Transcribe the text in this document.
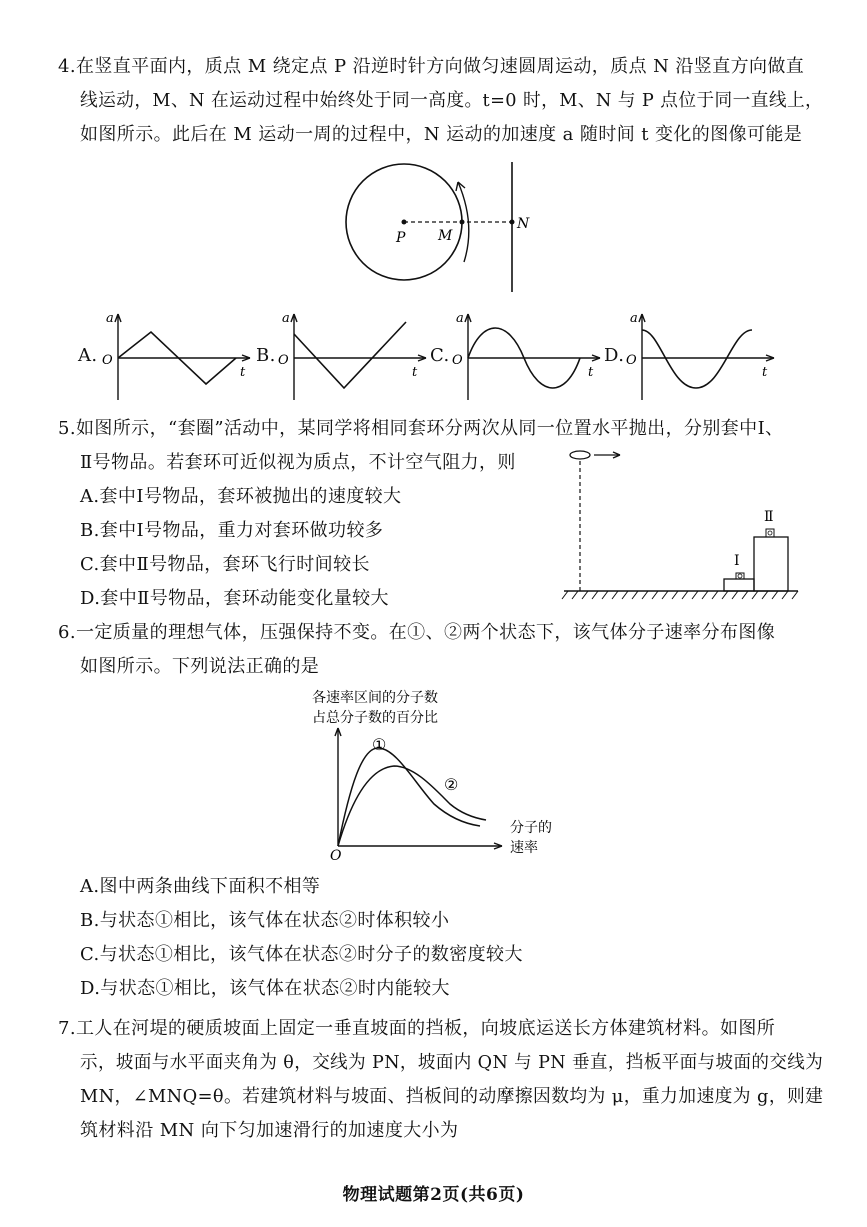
4.在竖直平面内，质点 M 绕定点 P 沿逆时针方向做匀速圆周运动，质点 N 沿竖直方向做直
线运动，M、N 在运动过程中始终处于同一高度。t=0 时，M、N 与 P 点位于同一直线上，
如图所示。此后在 M 运动一周的过程中，N 运动的加速度 a 随时间 t 变化的图像可能是
P M
N
A. O
a
t
B. O
a
t
C. O
a
t
D. O
a
t
5.如图所示，“套圈”活动中，某同学将相同套环分两次从同一位置水平抛出，分别套中Ⅰ、
Ⅱ号物品。若套环可近似视为质点，不计空气阻力，则
A.套中Ⅰ号物品，套环被抛出的速度较大
B.套中Ⅰ号物品，重力对套环做功较多
C.套中Ⅱ号物品，套环飞行时间较长
D.套中Ⅱ号物品，套环动能变化量较大
Ⅰ
Ⅱ
6.一定质量的理想气体，压强保持不变。在①、②两个状态下，该气体分子速率分布图像
如图所示。下列说法正确的是
各速率区间的分子数
占总分子数的百分比
O
①
②
分子的
速率
A.图中两条曲线下面积不相等
B.与状态①相比，该气体在状态②时体积较小
C.与状态①相比，该气体在状态②时分子的数密度较大
D.与状态①相比，该气体在状态②时内能较大
7.工人在河堤的硬质坡面上固定一垂直坡面的挡板，向坡底运送长方体建筑材料。如图所
示，坡面与水平面夹角为 θ，交线为 PN，坡面内 QN 与 PN 垂直，挡板平面与坡面的交线为
MN，∠MNQ=θ。若建筑材料与坡面、挡板间的动摩擦因数均为 μ，重力加速度为 g，则建
筑材料沿 MN 向下匀加速滑行的加速度大小为
物理试题第2页(共6页)
